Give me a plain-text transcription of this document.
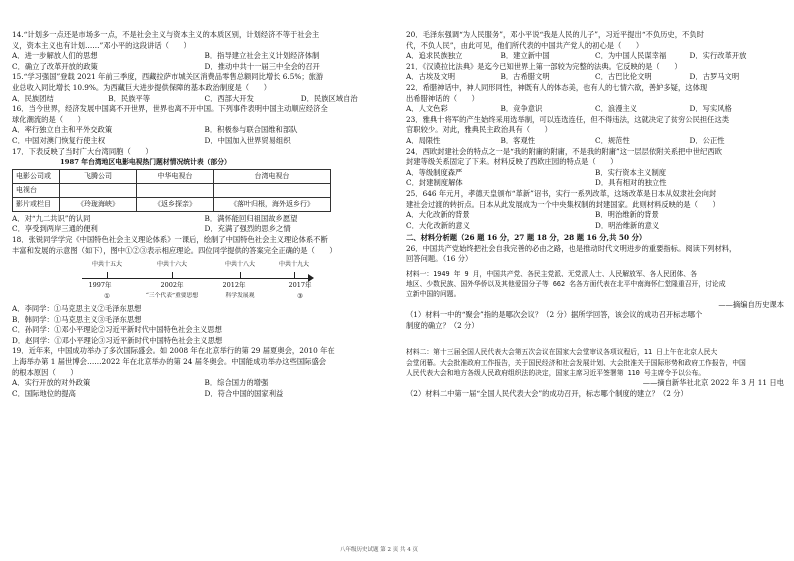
14.“计划多一点还是市场多一点，不是社会主义与资本主义的本质区别，计划经济不等于社会主
义，资本主义也有计划……”邓小平的这段讲话（　　）
A．进一步解放人们的思想	B．指导建立社会主义计划经济体制
C．确立了改革开放的政策	D．推动中共十一届三中全会的召开
15.“学习强国”登载 2021 年前三季度，西藏拉萨市城关区消费品零售总额同比增长 6.5%；旅游
业总收入同比增长 10.9%。为西藏巨大进步提供保障的基本政治制度是（　　）
A．民族团结	B．民族平等	C．西部大开发	D．民族区域自治
16．当今世界，经济发展中国离不开世界，世界也离不开中国。下列事件表明中国主动顺应经济全
球化潮流的是（　　）
A．率行独立自主和平外交政策	B．积极参与联合国维和部队
C．中国对澳门恢复行使主权	D．中国加入世界贸易组织
17．下表反映了当时广大台湾同胞（　　）
1987 年台湾地区电影电视热门题材情况统计表（部分）
电影公司或	飞腾公司	中华电视台	台湾电视台
电视台			
影片或栏目	《玲珑海峡》	《返乡探亲》	《落叶归根，海外返乡行》
A．对“九二共识”的认同	B．满怀能回归祖国故乡愿望
C．享受到两岸三通的便利	D．充满了强烈的思乡之情
18．张锐同学学完《中国特色社会主义理论体系》一课后，绘制了中国特色社会主义理论体系不断
丰富和发展的示意图（如下），图中①②③表示相应理论。四位同学提供的答案完全正确的是（　　）
中共十五大	中共十六大	中共十八大	中共十九大
1997年	2002年	2012年	2017年
①	“三个代表”重要思想	科学发展观	③
A．李同学：①马克思主义②毛泽东思想
B．韩同学：①马克思主义③毛泽东思想
C．孙同学：①邓小平理论②习近平新时代中国特色社会主义思想
D．赵同学：①邓小平理论③习近平新时代中国特色社会主义思想
19．近年来，中国成功举办了多次国际盛会。如 2008 年在北京举行的第 29 届夏奥会，2010 年在
上海举办第 1 届世博会……2022 年在北京举办的第 24 届冬奥会。中国能成功举办这些国际盛会
的根本原因（　　）
A．实行开放的对外政策	B．综合国力的增强
C．国际地位的提高	D．符合中国的国家利益
20．毛泽东强调“为人民服务”，邓小平说“我是人民的儿子”，习近平提出“不负历史，不负时
代，不负人民”，由此可见，他们所代表的中国共产党人的初心是（　　）
A．追求民族独立	B．建立新中国	C．为中国人民谋幸福	D．实行改革开放
21．《汉谟拉比法典》是迄今已知世界上第一部较为完整的法典。它反映的是（　　）
A．古埃及文明	B．古希腊文明	C．古巴比伦文明	D．古罗马文明
22．希腊神话中，神人同形同性，神既有人的体态美，也有人的七情六欲，善妒多疑，这体现
出希腊神话的（　　）
A．人文色彩	B．竞争意识	C．浪漫主义	D．写实风格
23．雅典十将军的产生始终采用选举制，可以连选连任，但不得违法，这就决定了贫穷公民担任这类
官职较少。对此，雅典民主政治具有（　　）
A．局限性	B．客观性	C．规范性	D．公正性
24．西欧封建社会的特点之一是“我的附庸的附庸，不是我的附庸”这一层层依附关系把中世纪西欧
封建等级关系固定了下来。材料反映了西欧庄园的特点是（　　）
A．等级制度森严	B．实行资本主义制度
C．封建制度解体	D．具有相对的独立性
25．646 年元月，孝德天皇颁布“革新”诏书，实行一系列改革，这场改革是日本从奴隶社会向封
建社会过渡的转折点。日本从此发展成为一个中央集权制的封建国家。此则材料反映的是（　　）
A．大化改新的背景	B．明治维新的背景
C．大化改新的意义	D．明治维新的意义
二、材料分析题（26 题 16 分，27 题 18 分，28 题 16 分,共 50 分）
26．中国共产党始终把社会自我完善的必由之路，也是推动时代文明进步的重要指标。阅读下列材料，
回答问题。（16 分）
材料一：1949 年 9 月，中国共产党、各民主党派、无党派人士、人民解放军、各人民团体、各
地区、少数民族、国外华侨以及其他爱国分子等 662 名各方面代表在北平中南海怀仁堂隆重召开，讨论成
立新中国的问题。
——摘编自历史课本
（1）材料一中的“聚会”指的是哪次会议？（2 分）据所学回答，该会议的成功召开标志哪个
制度的确立？（2 分）
材料二：第十三届全国人民代表大会第五次会议在国家大会堂审议各项议程后，11 日上午在北京人民大
会堂闭幕。大会批准政府工作报告，关于国民经济和社会发展计划、大会批准关于国际形势和政府工作报告，中国
人民代表大会和地方各级人民政府组织法的决定，国家主席习近平签署第 110 号主席令予以公布。
——摘自新华社北京 2022 年 3 月 11 日电
（2）材料二中第一届“全国人民代表大会”的成功召开，标志哪个制度的建立？（2 分）
八年级历史试题 第 2 页 共 4 页
